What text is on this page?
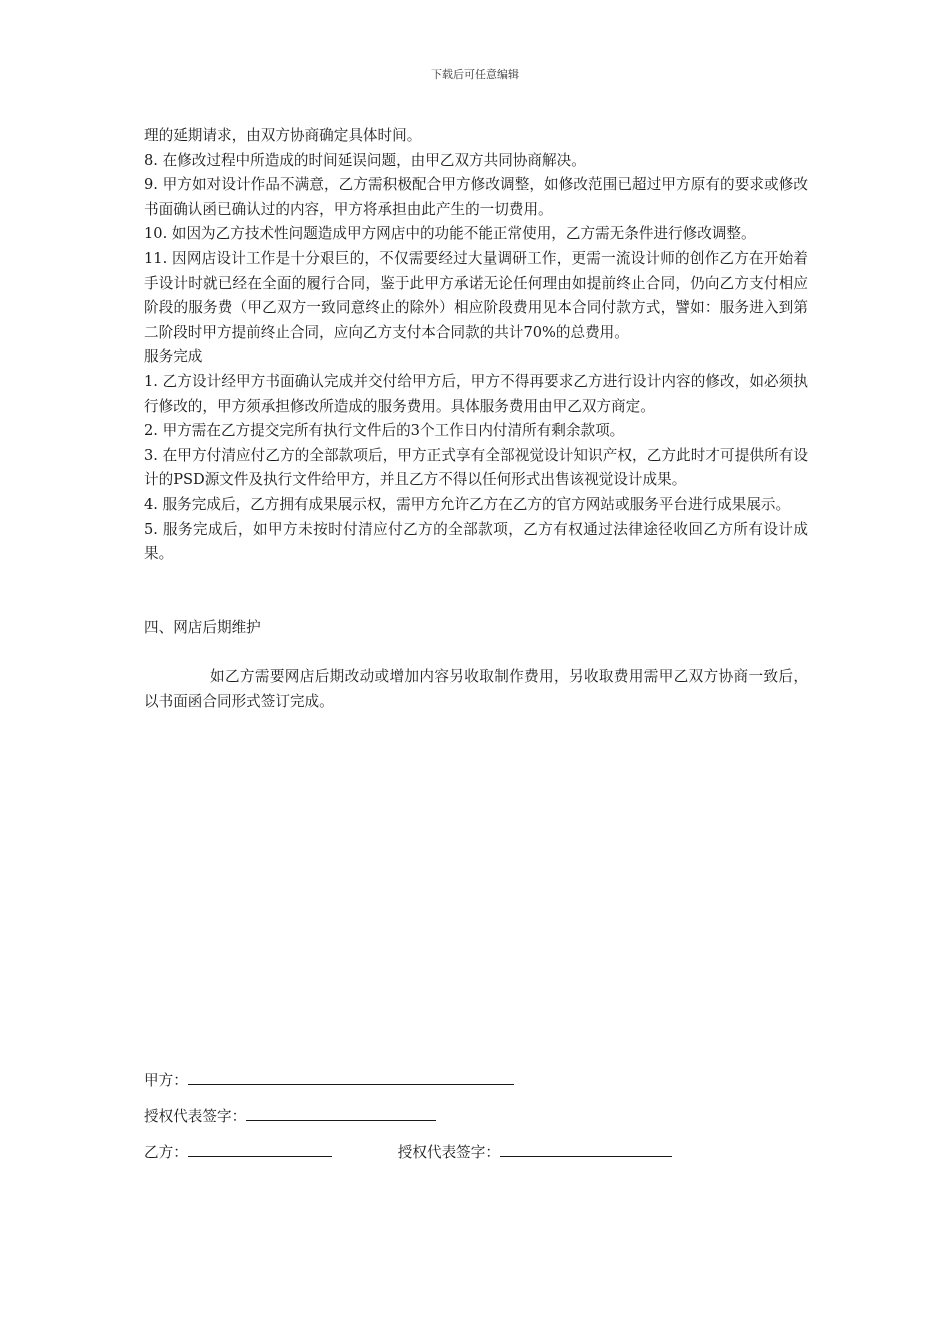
下载后可任意编辑

理的延期请求，由双方协商确定具体时间。

8. 在修改过程中所造成的时间延误问题，由甲乙双方共同协商解决。

9. 甲方如对设计作品不满意，乙方需积极配合甲方修改调整，如修改范围已超过甲方原有的要求或修改书面确认函已确认过的内容，甲方将承担由此产生的一切费用。

10. 如因为乙方技术性问题造成甲方网店中的功能不能正常使用，乙方需无条件进行修改调整。

11. 因网店设计工作是十分艰巨的，不仅需要经过大量调研工作，更需一流设计师的创作乙方在开始着手设计时就已经在全面的履行合同，鉴于此甲方承诺无论任何理由如提前终止合同，仍向乙方支付相应阶段的服务费（甲乙双方一致同意终止的除外）相应阶段费用见本合同付款方式，譬如：服务进入到第二阶段时甲方提前终止合同，应向乙方支付本合同款的共计70%的总费用。

服务完成

1. 乙方设计经甲方书面确认完成并交付给甲方后，甲方不得再要求乙方进行设计内容的修改，如必须执行修改的，甲方须承担修改所造成的服务费用。具体服务费用由甲乙双方商定。

2. 甲方需在乙方提交完所有执行文件后的3个工作日内付清所有剩余款项。

3. 在甲方付清应付乙方的全部款项后，甲方正式享有全部视觉设计知识产权，乙方此时才可提供所有设计的PSD源文件及执行文件给甲方，并且乙方不得以任何形式出售该视觉设计成果。

4. 服务完成后，乙方拥有成果展示权，需甲方允许乙方在乙方的官方网站或服务平台进行成果展示。

5. 服务完成后，如甲方未按时付清应付乙方的全部款项，乙方有权通过法律途径收回乙方所有设计成果。

四、网店后期维护

如乙方需要网店后期改动或增加内容另收取制作费用，另收取费用需甲乙双方协商一致后，以书面函合同形式签订完成。

甲方：
授权代表签字：
乙方：	授权代表签字：
